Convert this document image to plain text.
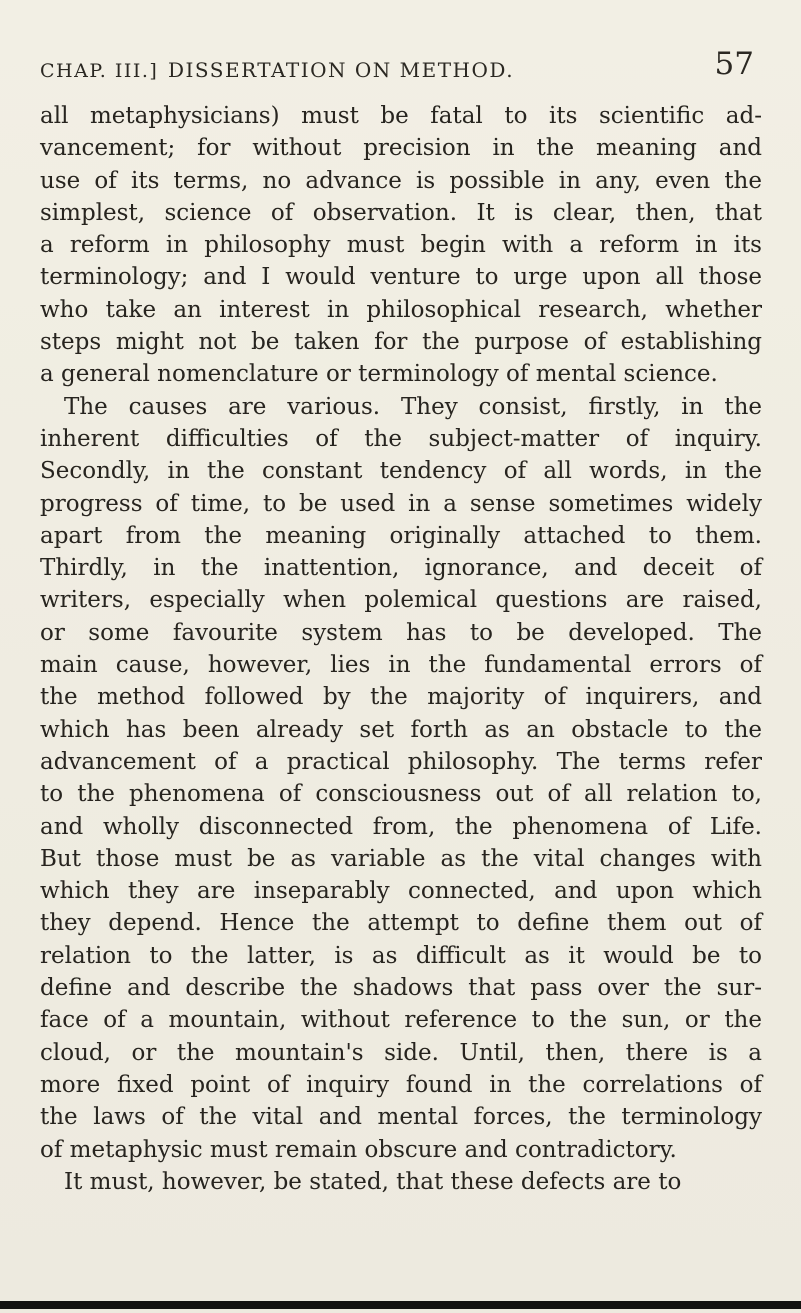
CHAP. III.] DISSERTATION ON METHOD.	57
all metaphysicians) must be fatal to its scientific ad-
vancement; for without precision in the meaning and
use of its terms, no advance is possible in any, even the
simplest, science of observation. It is clear, then, that
a reform in philosophy must begin with a reform in its
terminology; and I would venture to urge upon all those
who take an interest in philosophical research, whether
steps might not be taken for the purpose of establishing
a general nomenclature or terminology of mental science.
The causes are various. They consist, firstly, in the
inherent difficulties of the subject-matter of inquiry.
Secondly, in the constant tendency of all words, in the
progress of time, to be used in a sense sometimes widely
apart from the meaning originally attached to them.
Thirdly, in the inattention, ignorance, and deceit of
writers, especially when polemical questions are raised,
or some favourite system has to be developed. The
main cause, however, lies in the fundamental errors of
the method followed by the majority of inquirers, and
which has been already set forth as an obstacle to the
advancement of a practical philosophy. The terms refer
to the phenomena of consciousness out of all relation to,
and wholly disconnected from, the phenomena of Life.
But those must be as variable as the vital changes with
which they are inseparably connected, and upon which
they depend. Hence the attempt to define them out of
relation to the latter, is as difficult as it would be to
define and describe the shadows that pass over the sur-
face of a mountain, without reference to the sun, or the
cloud, or the mountain's side. Until, then, there is a
more fixed point of inquiry found in the correlations of
the laws of the vital and mental forces, the terminology
of metaphysic must remain obscure and contradictory.
It must, however, be stated, that these defects are to
